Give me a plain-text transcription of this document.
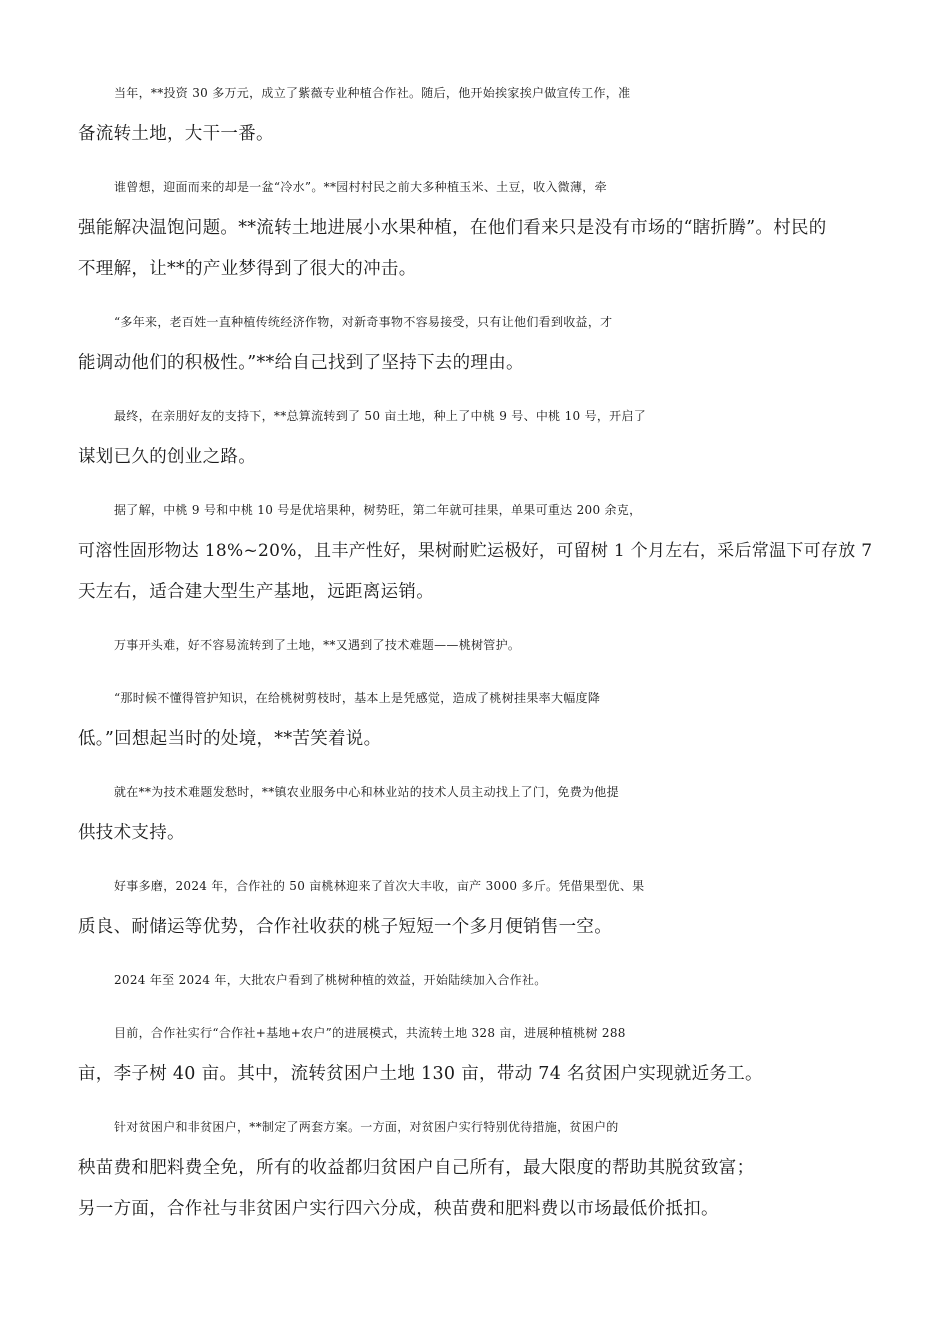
当年，**投资 30 多万元，成立了紫薇专业种植合作社。随后，他开始挨家挨户做宣传工作，准

备流转土地，大干一番。

谁曾想，迎面而来的却是一盆“冷水”。**园村村民之前大多种植玉米、土豆，收入微薄，牵

强能解决温饱问题。**流转土地进展小水果种植，在他们看来只是没有市场的“瞎折腾”。村民的

不理解，让**的产业梦得到了很大的冲击。

“多年来，老百姓一直种植传统经济作物，对新奇事物不容易接受，只有让他们看到收益，才

能调动他们的积极性。”**给自己找到了坚持下去的理由。

最终，在亲朋好友的支持下，**总算流转到了 50 亩土地，种上了中桃 9 号、中桃 10 号，开启了

谋划已久的创业之路。

据了解，中桃 9 号和中桃 10 号是优培果种，树势旺，第二年就可挂果，单果可重达 200 余克，

可溶性固形物达 18%~20%，且丰产性好，果树耐贮运极好，可留树 1 个月左右，采后常温下可存放 7

天左右，适合建大型生产基地，远距离运销。

万事开头难，好不容易流转到了土地，**又遇到了技术难题——桃树管护。

“那时候不懂得管护知识，在给桃树剪枝时，基本上是凭感觉，造成了桃树挂果率大幅度降

低。”回想起当时的处境，**苦笑着说。

就在**为技术难题发愁时，**镇农业服务中心和林业站的技术人员主动找上了门，免费为他提

供技术支持。

好事多磨，2024 年，合作社的 50 亩桃林迎来了首次大丰收，亩产 3000 多斤。凭借果型优、果

质良、耐储运等优势，合作社收获的桃子短短一个多月便销售一空。

2024 年至 2024 年，大批农户看到了桃树种植的效益，开始陆续加入合作社。

目前，合作社实行“合作社+基地+农户”的进展模式，共流转土地 328 亩，进展种植桃树 288

亩，李子树 40 亩。其中，流转贫困户土地 130 亩，带动 74 名贫困户实现就近务工。

针对贫困户和非贫困户，**制定了两套方案。一方面，对贫困户实行特别优待措施，贫困户的

秧苗费和肥料费全免，所有的收益都归贫困户自己所有，最大限度的帮助其脱贫致富；

另一方面，合作社与非贫困户实行四六分成，秧苗费和肥料费以市场最低价抵扣。
